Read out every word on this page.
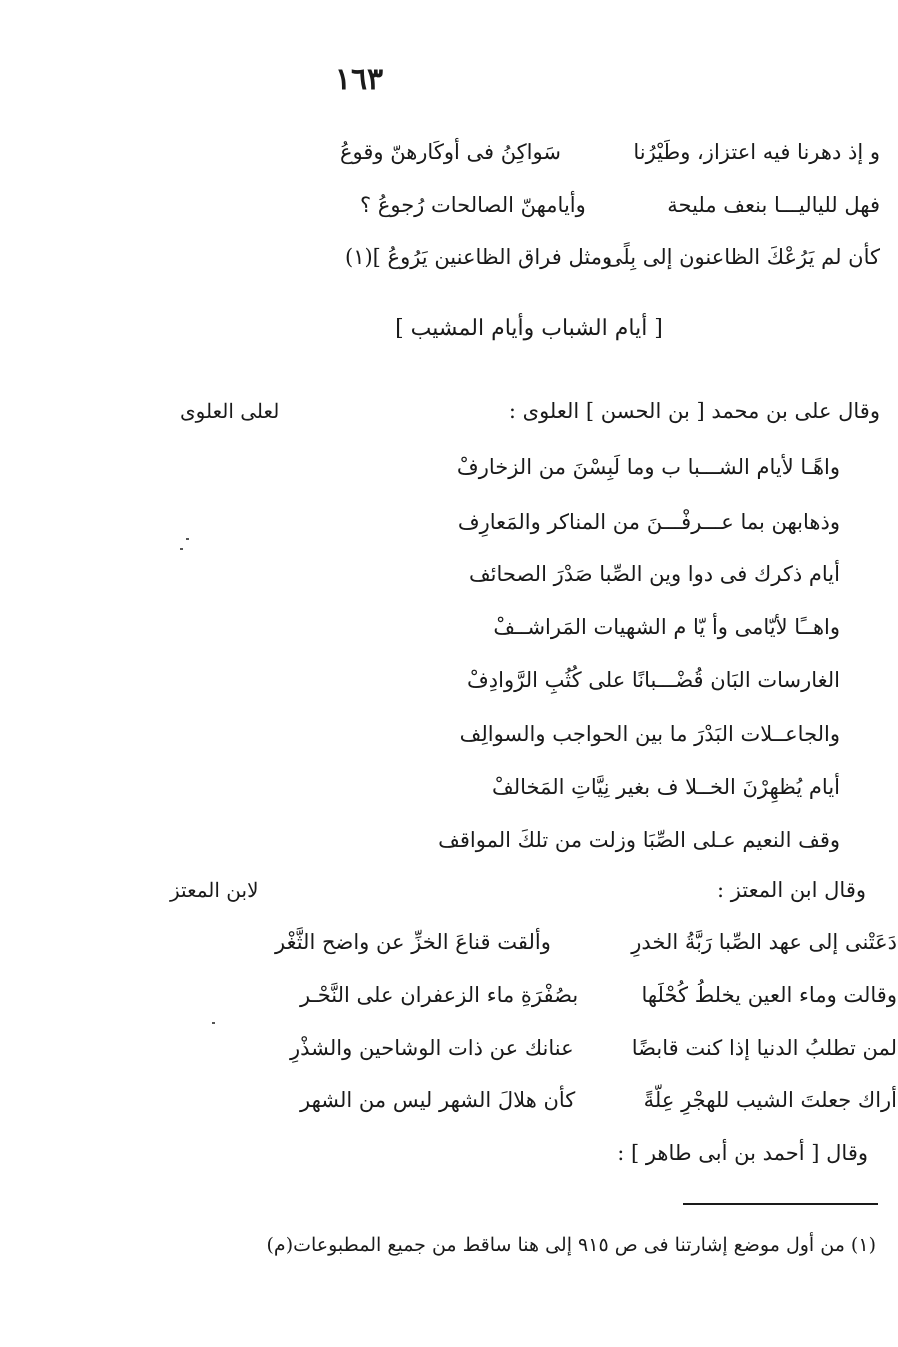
١٦٣
و إذ دهرنا فيه اعتزاز، وطَيْرُنا
سَواكِنُ فى أوكَارهنّ وقوعُ
فهل للياليـــا بنعف مليحة
وأيامهنّ الصالحات رُجوعُ ؟
كأن لم يَرُعْكَ الظاعنون إلى بِلًى
ومثل فراق الظاعنين يَرُوعُ ](١)
[ أيام الشباب وأيام المشيب ]
لعلى العلوى	وقال على بن محمد [ بن الحسن ] العلوى :
واهًـا لأيام الشـــبا ب وما لَبِسْنَ من الزخارفْ
وذهابهن بما عـــرفْـــنَ من المناكر والمَعارِف
أيام ذكرك فى دوا وين الصِّبا صَدْرَ الصحائف
واهــًا لأيّامى وأ يّا م الشهيات المَراشــفْ
الغارسات البَان قُضْـــبانًا على كُثُبِ الرَّوادِفْ
والجاعــلات البَدْرَ ما بين الحواجب والسوالِف
أيام يُظهِرْنَ الخــلا ف بغير نِيَّاتِ المَخالفْ
وقف النعيم عـلى الصِّبَا وزلت من تلكَ المواقف
لابن المعتز	وقال ابن المعتز :
دَعَتْنى إلى عهد الصِّبا رَبَّةُ الخدرِ
وألقت قناعَ الخزِّ عن واضح الثَّغْر
وقالت وماء العين يخلطُ كُحْلَها
بصُفْرَةِ ماء الزعفران على النَّحْـر
لمن تطلبُ الدنيا إذا كنت قابضًا
عنانك عن ذات الوشاحين والشذْرِ
أراك جعلتَ الشيب للهجْرِ عِلّةً
كأن هلالَ الشهر ليس من الشهر
وقال [ أحمد بن أبى طاهر ] :
(١) من أول موضع إشارتنا فى ص ٩١٥ إلى هنا ساقط من جميع المطبوعات(م)
